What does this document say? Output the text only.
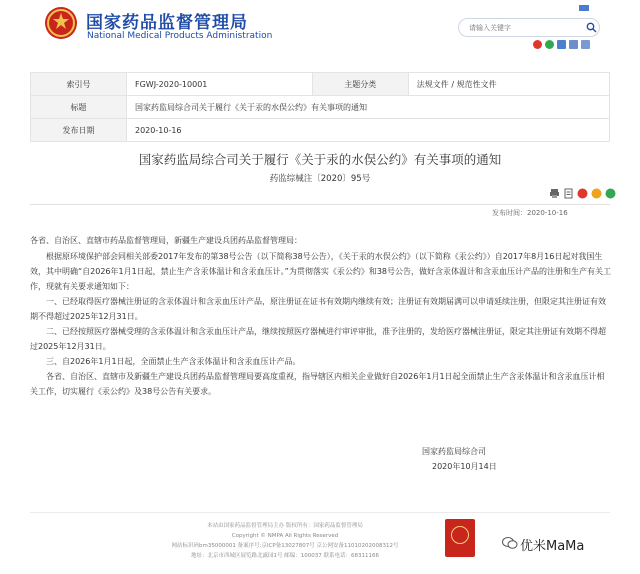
国家药品监督管理局
National Medical Products Administration
请输入关键字
索引号	FGWJ-2020-10001	主题分类	法规文件 / 规范性文件
标题	国家药监局综合司关于履行《关于汞的水俣公约》有关事项的通知		
发布日期	2020-10-16		
国家药监局综合司关于履行《关于汞的水俣公约》有关事项的通知
药监综械注〔2020〕95号
发布时间：2020-10-16

各省、自治区、直辖市药品监督管理局，新疆生产建设兵团药品监督管理局：

根据原环境保护部会同相关部委2017年发布的第38号公告（以下简称38号公告），《关于汞的水俣公约》（以下简称《汞公约》）自2017年8月16日起对我国生效，其中明确“自2026年1月1日起，禁止生产含汞体温计和含汞血压计。”为贯彻落实《汞公约》和38号公告，做好含汞体温计和含汞血压计产品的注册和生产有关工作，现就有关要求通知如下：

一、已经取得医疗器械注册证的含汞体温计和含汞血压计产品，原注册证在证书有效期内继续有效；注册证有效期届满可以申请延续注册，但限定其注册证有效期不得超过2025年12月31日。

二、已经按照医疗器械受理的含汞体温计和含汞血压计产品，继续按照医疗器械进行审评审批，准予注册的，发给医疗器械注册证，限定其注册证有效期不得超过2025年12月31日。

三、自2026年1月1日起，全面禁止生产含汞体温计和含汞血压计产品。

各省、自治区、直辖市及新疆生产建设兵团药品监督管理局要高度重视，指导辖区内相关企业做好自2026年1月1日起全面禁止生产含汞体温计和含汞血压计相关工作，切实履行《汞公约》及38号公告有关要求。

国家药监局综合司
2020年10月14日
本站由国家药品监督管理局主办 版权所有：国家药品监督管理局
Copyright © NMPA All Rights Reserved
网站标识码bm35000001 备案序号:京ICP备13027807号 京公网安备11010202008312号
地址：北京市西城区展览路北露园1号 邮编：100037 联系电话：68311166
优米MaMa
